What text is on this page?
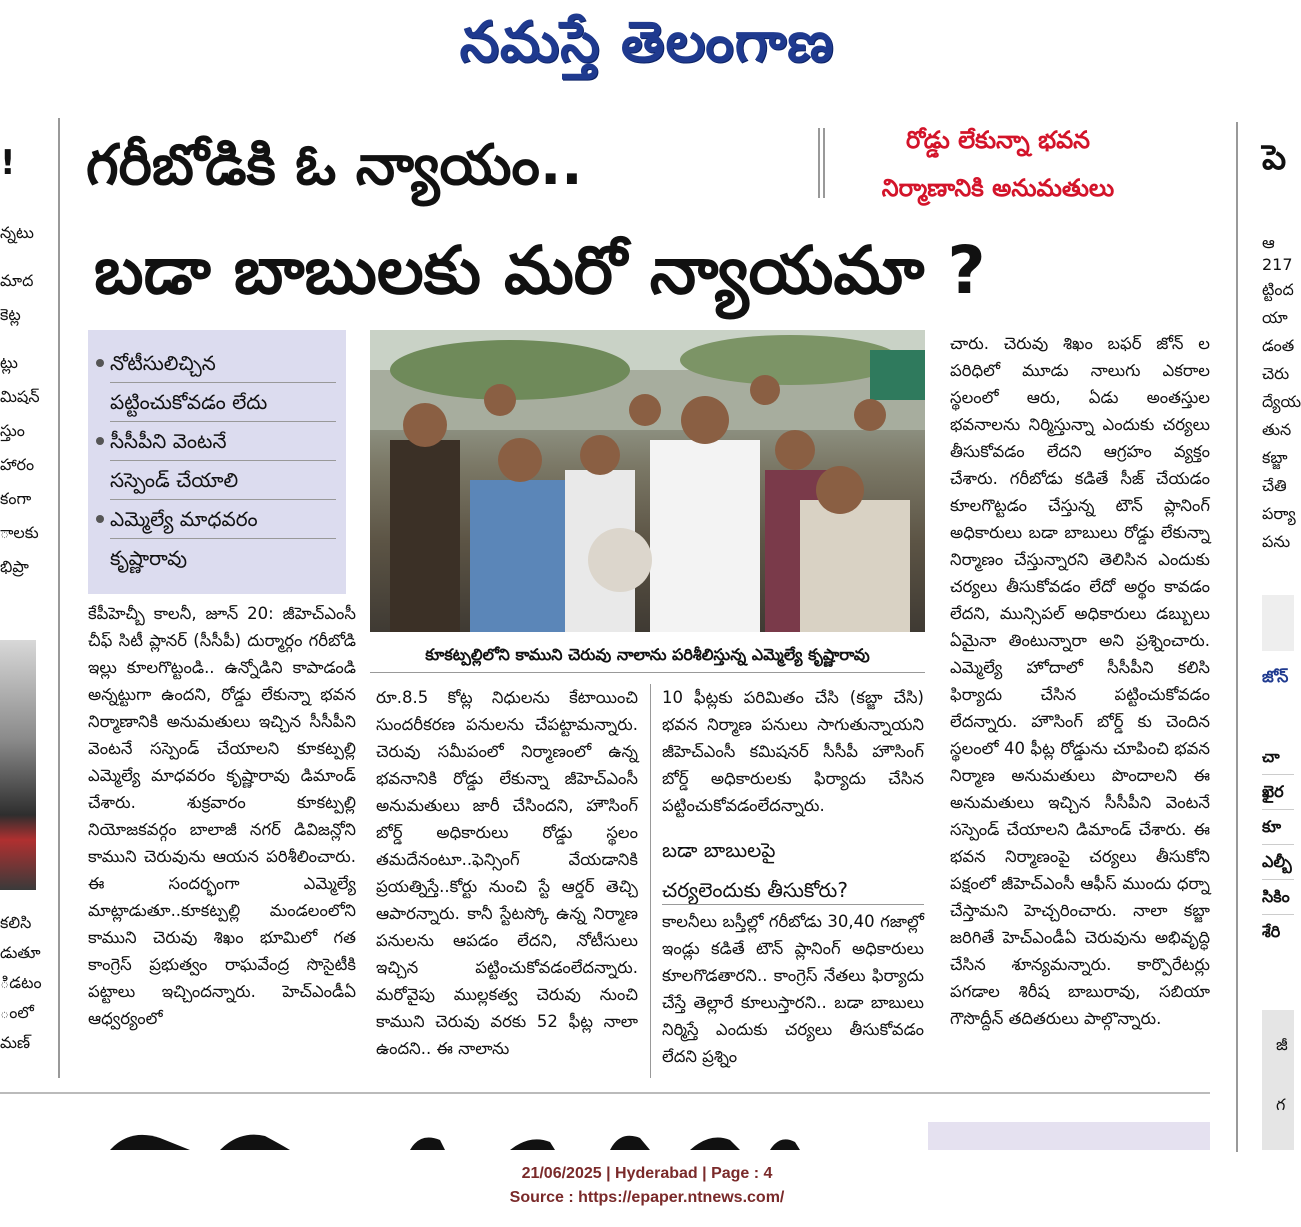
నమస్తే తెలంగాణ
!
న్నటు
మాద
కెట్ల
ట్లు
మిషన్
స్తుం
హారం
కంగా
ాలకు
భిప్రా
కలిసి
డుతూ
ిడటం
ంలో
మణ్
గరీబోడికి ఓ న్యాయం..	రోడ్డు లేకున్నా భవన
నిర్మాణానికి అనుమతులు
బడా బాబులకు మరో న్యాయమా ?
నోటీసులిచ్చిన
పట్టించుకోవడం లేదు
సీసీపీని వెంటనే
సస్పెండ్ చేయాలి
ఎమ్మెల్యే మాధవరం
కృష్ణారావు
కూకట్పల్లిలోని కాముని చెరువు నాలాను పరిశీలిస్తున్న ఎమ్మెల్యే కృష్ణారావు

కేపీహెచ్బీ కాలనీ, జూన్ 20: జీహెచ్ఎంసీ చీఫ్ సిటీ ప్లానర్ (సీసీపీ) దుర్మార్గం గరీబోడి ఇల్లు కూలగొట్టండి.. ఉన్నోడిని కాపాడండి అన్నట్టుగా ఉందని, రోడ్డు లేకున్నా భవన నిర్మాణానికి అనుమతులు ఇచ్చిన సీసీపీని వెంటనే సస్పెండ్ చేయాలని కూకట్పల్లి ఎమ్మెల్యే మాధవరం కృష్ణారావు డిమాండ్ చేశారు. శుక్రవారం కూకట్పల్లి నియోజకవర్గం బాలాజీ నగర్ డివిజన్లోని కాముని చెరువును ఆయన పరిశీలించారు. ఈ సందర్భంగా ఎమ్మెల్యే మాట్లాడుతూ..కూకట్పల్లి మండలంలోని కాముని చెరువు శిఖం భూమిలో గత కాంగ్రెస్ ప్రభుత్వం రాఘవేంద్ర సొసైటీకి పట్టాలు ఇచ్చిందన్నారు. హెచ్ఎండీఏ ఆధ్వర్యంలో

రూ.8.5 కోట్ల నిధులను కేటాయించి సుందరీకరణ పనులను చేపట్టామన్నారు. చెరువు సమీపంలో నిర్మాణంలో ఉన్న భవనానికి రోడ్డు లేకున్నా జీహెచ్ఎంసీ అనుమతులు జారీ చేసిందని, హౌసింగ్ బోర్డ్ అధికారులు రోడ్డు స్థలం తమదేనంటూ..ఫెన్సింగ్ వేయడానికి ప్రయత్నిస్తే..కోర్టు నుంచి స్టే ఆర్డర్ తెచ్చి ఆపారన్నారు. కానీ స్టేటస్కో ఉన్న నిర్మాణ పనులను ఆపడం లేదని, నోటీసులు ఇచ్చిన పట్టించుకోవడంలేదన్నారు. మరోవైపు ముల్లకత్వ చెరువు నుంచి కాముని చెరువు వరకు 52 ఫీట్ల నాలా ఉందని.. ఈ నాలాను

10 ఫీట్లకు పరిమితం చేసి (కబ్జా చేసి) భవన నిర్మాణ పనులు సాగుతున్నాయని జీహెచ్ఎంసీ కమిషనర్ సీసీపీ హౌసింగ్ బోర్డ్ అధికారులకు ఫిర్యాదు చేసిన పట్టించుకోవడంలేదన్నారు.

బడా బాబులపై
చర్యలెందుకు తీసుకోరు?

కాలనీలు బస్తీల్లో గరీబోడు 30,40 గజాల్లో ఇండ్లు కడితే టౌన్ ప్లానింగ్ అధికారులు కూలగొడతారని.. కాంగ్రెస్ నేతలు ఫిర్యాదు చేస్తే తెల్లారే కూలుస్తారని.. బడా బాబులు నిర్మిస్తే ఎందుకు చర్యలు తీసుకోవడం లేదని ప్రశ్నిం

చారు. చెరువు శిఖం బఫర్ జోన్ ల పరిధిలో మూడు నాలుగు ఎకరాల స్థలంలో ఆరు, ఏడు అంతస్తుల భవనాలను నిర్మిస్తున్నా ఎందుకు చర్యలు తీసుకోవడం లేదని ఆగ్రహం వ్యక్తం చేశారు. గరీబోడు కడితే సీజ్ చేయడం కూలగొట్టడం చేస్తున్న టౌన్ ప్లానింగ్ అధికారులు బడా బాబులు రోడ్డు లేకున్నా నిర్మాణం చేస్తున్నారని తెలిసిన ఎందుకు చర్యలు తీసుకోవడం లేదో అర్థం కావడం లేదని, మున్సిపల్ అధికారులు డబ్బులు ఏమైనా తింటున్నారా అని ప్రశ్నించారు. ఎమ్మెల్యే హోదాలో సీసీపీని కలిసి ఫిర్యాదు చేసిన పట్టించుకోవడం లేదన్నారు. హౌసింగ్ బోర్డ్ కు చెందిన స్థలంలో 40 ఫీట్ల రోడ్డును చూపించి భవన నిర్మాణ అనుమతులు పొందాలని ఈ అనుమతులు ఇచ్చిన సీసీపీని వెంటనే సస్పెండ్ చేయాలని డిమాండ్ చేశారు. ఈ భవన నిర్మాణంపై చర్యలు తీసుకోని పక్షంలో జీహెచ్ఎంసీ ఆఫీస్ ముందు ధర్నా చేస్తామని హెచ్చరించారు. నాలా కబ్జా జరిగితే హెచ్ఎండీఏ చెరువును అభివృద్ధి చేసిన శూన్యమన్నారు. కార్పొరేటర్లు పగడాల శిరీష బాబురావు, సబియా గౌసొద్దీన్ తదితరులు పాల్గొన్నారు.

పె
ఆ
217
ట్టింద
యా
డంత
చెరు
ద్యేయ
తున
కబ్జా
చేతి
పర్యా
పను
జోన్
చా
ఖైర
కూ
ఎల్బీ
సికిం
శేరి
జీ
గ
21/06/2025 | Hyderabad | Page : 4
Source : https://epaper.ntnews.com/
